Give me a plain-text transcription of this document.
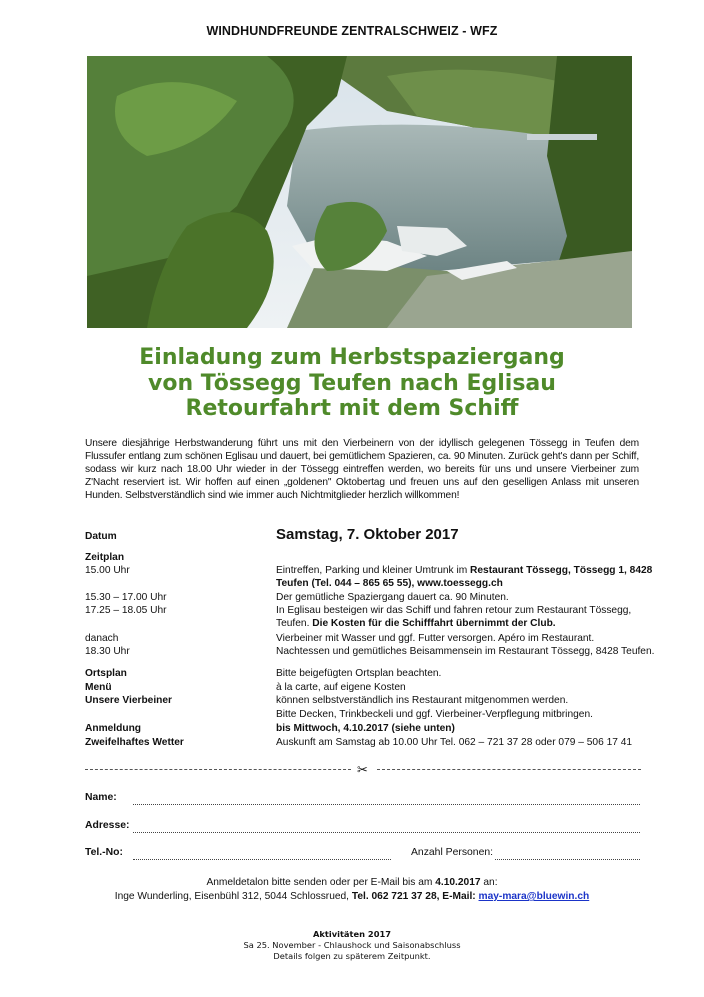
WINDHUNDFREUNDE ZENTRALSCHWEIZ - WFZ
Einladung zum Herbstspaziergang
von Tössegg Teufen nach Eglisau
Retourfahrt mit dem Schiff
Unsere diesjährige Herbstwanderung führt uns mit den Vierbeinern von der idyllisch gelegenen Tössegg in Teufen dem Flussufer entlang zum schönen Eglisau und dauert, bei gemütlichem Spazieren, ca. 90 Minuten. Zurück geht's dann per Schiff, sodass wir kurz nach 18.00 Uhr wieder in der Tössegg eintreffen werden, wo bereits für uns und unsere Vierbeiner zum Z'Nacht reserviert ist. Wir hoffen auf einen „goldenen" Oktobertag und freuen uns auf den geselligen Anlass mit unseren Hunden. Selbstverständlich sind wie immer auch Nichtmitglieder herzlich willkommen!
Datum	Samstag, 7. Oktober 2017
Zeitplan
15.00 Uhr	Eintreffen, Parking und kleiner Umtrunk im Restaurant Tössegg, Tössegg 1, 8428
Teufen (Tel. 044 – 865 65 55), www.toessegg.ch
15.30 – 17.00 Uhr	Der gemütliche Spaziergang dauert ca. 90 Minuten.
17.25 – 18.05 Uhr	In Eglisau besteigen wir das Schiff und fahren retour zum Restaurant Tössegg,
Teufen. Die Kosten für die Schifffahrt übernimmt der Club.
danach	Vierbeiner mit Wasser und ggf. Futter versorgen. Apéro im Restaurant.
18.30 Uhr	Nachtessen und gemütliches Beisammensein im Restaurant Tössegg, 8428 Teufen.
Ortsplan	Bitte beigefügten Ortsplan beachten.
Menü	à la carte, auf eigene Kosten
Unsere Vierbeiner	können selbstverständlich ins Restaurant mitgenommen werden.
Bitte Decken, Trinkbeckeli und ggf. Vierbeiner-Verpflegung mitbringen.
Anmeldung	bis Mittwoch, 4.10.2017 (siehe unten)
Zweifelhaftes Wetter	Auskunft am Samstag ab 10.00 Uhr Tel. 062 – 721 37 28 oder 079 – 506 17 41
✂
Name:
Adresse:
Tel.-No:	Anzahl Personen:
Anmeldetalon bitte senden oder per E-Mail bis am 4.10.2017 an:
Inge Wunderling, Eisenbühl 312, 5044 Schlossrued, Tel. 062 721 37 28, E-Mail: may-mara@bluewin.ch
Aktivitäten 2017
Sa 25. November - Chlaushock und Saisonabschluss
Details folgen zu späterem Zeitpunkt.
